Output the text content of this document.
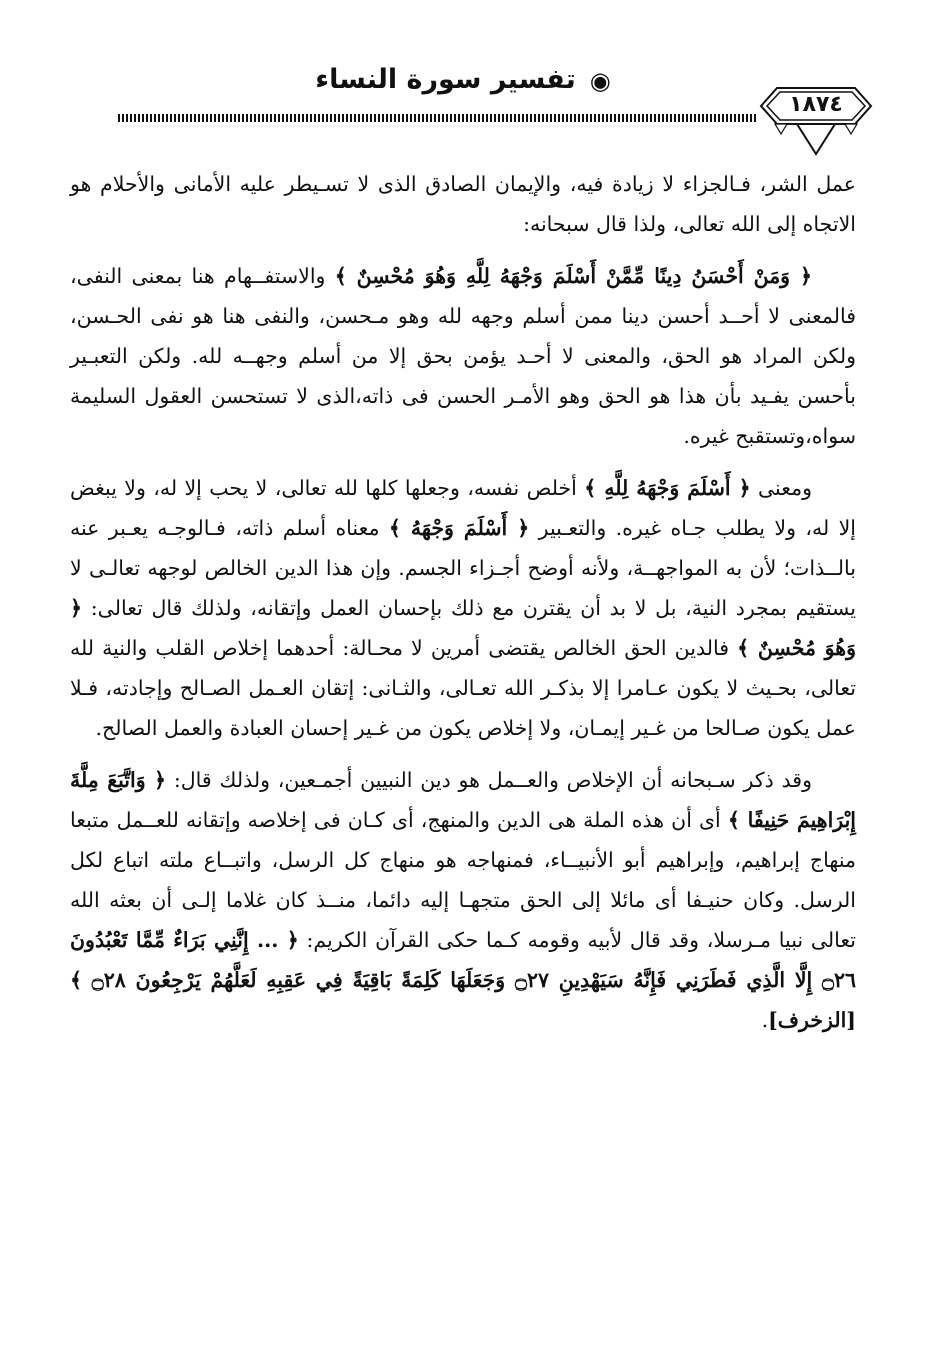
◉تفسير سورة النساء
١٨٧٤

عمل الشر، فـالجزاء لا زيادة فيه، والإيمان الصادق الذى لا تسـيطر عليه الأمانى والأحلام هو الاتجاه إلى الله تعالى، ولذا قال سبحانه:

﴿ وَمَنْ أَحْسَنُ دِينًا مِّمَّنْ أَسْلَمَ وَجْهَهُ لِلَّهِ وَهُوَ مُحْسِنٌ ﴾ والاستفــهام هنا بمعنى النفى، فالمعنى لا أحــد أحسن دينا ممن أسلم وجهه لله وهو مـحسن، والنفى هنا هو نفى الحـسن، ولكن المراد هو الحق، والمعنى لا أحـد يؤمن بحق إلا من أسلم وجهــه لله. ولكن التعبـير بأحسن يفـيد بأن هذا هو الحق وهو الأمـر الحسن فى ذاته،الذى لا تستحسن العقول السليمة سواه،وتستقبح غيره.

ومعنى ﴿ أَسْلَمَ وَجْهَهُ لِلَّهِ ﴾ أخلص نفسه، وجعلها كلها لله تعالى، لا يحب إلا له، ولا يبغض إلا له، ولا يطلب جـاه غيره. والتعـبير ﴿ أَسْلَمَ وَجْهَهُ ﴾ معناه أسلم ذاته، فـالوجـه يعـبر عنه بالــذات؛ لأن به المواجهــة، ولأنه أوضح أجـزاء الجسم. وإن هذا الدين الخالص لوجهه تعالـى لا يستقيم بمجرد النية، بل لا بد أن يقترن مع ذلك بإحسان العمل وإتقانه، ولذلك قال تعالى: ﴿ وَهُوَ مُحْسِنٌ ﴾ فالدين الحق الخالص يقتضى أمرين لا محـالة: أحدهما إخلاص القلب والنية لله تعالى، بحـيث لا يكون عـامرا إلا بذكـر الله تعـالى، والثـانى: إتقان العـمل الصـالح وإجادته، فـلا عمل يكون صـالحا من غـير إيمـان، ولا إخلاص يكون من غـير إحسان العبادة والعمل الصالح.

وقد ذكر سـبحانه أن الإخلاص والعــمل هو دين النبيين أجمـعين، ولذلك قال: ﴿ وَاتَّبَعَ مِلَّةَ إِبْرَاهِيمَ حَنِيفًا ﴾ أى أن هذه الملة هى الدين والمنهج، أى كـان فى إخلاصه وإتقانه للعــمل متبعا منهاج إبراهيم، وإبراهيم أبو الأنبيــاء، فمنهاجه هو منهاج كل الرسل، واتبــاع ملته اتباع لكل الرسل. وكان حنيـفا أى مائلا إلى الحق متجهـا إليه دائما، منــذ كان غلاما إلـى أن بعثه الله تعالى نبيا مـرسلا، وقد قال لأبيه وقومه كـما حكى القرآن الكريم: ﴿ ... إِنَّنِي بَرَاءٌ مِّمَّا تَعْبُدُونَ ۝٢٦ إِلَّا الَّذِي فَطَرَنِي فَإِنَّهُ سَيَهْدِينِ ۝٢٧ وَجَعَلَهَا كَلِمَةً بَاقِيَةً فِي عَقِبِهِ لَعَلَّهُمْ يَرْجِعُونَ ۝٢٨ ﴾ [الزخرف].
